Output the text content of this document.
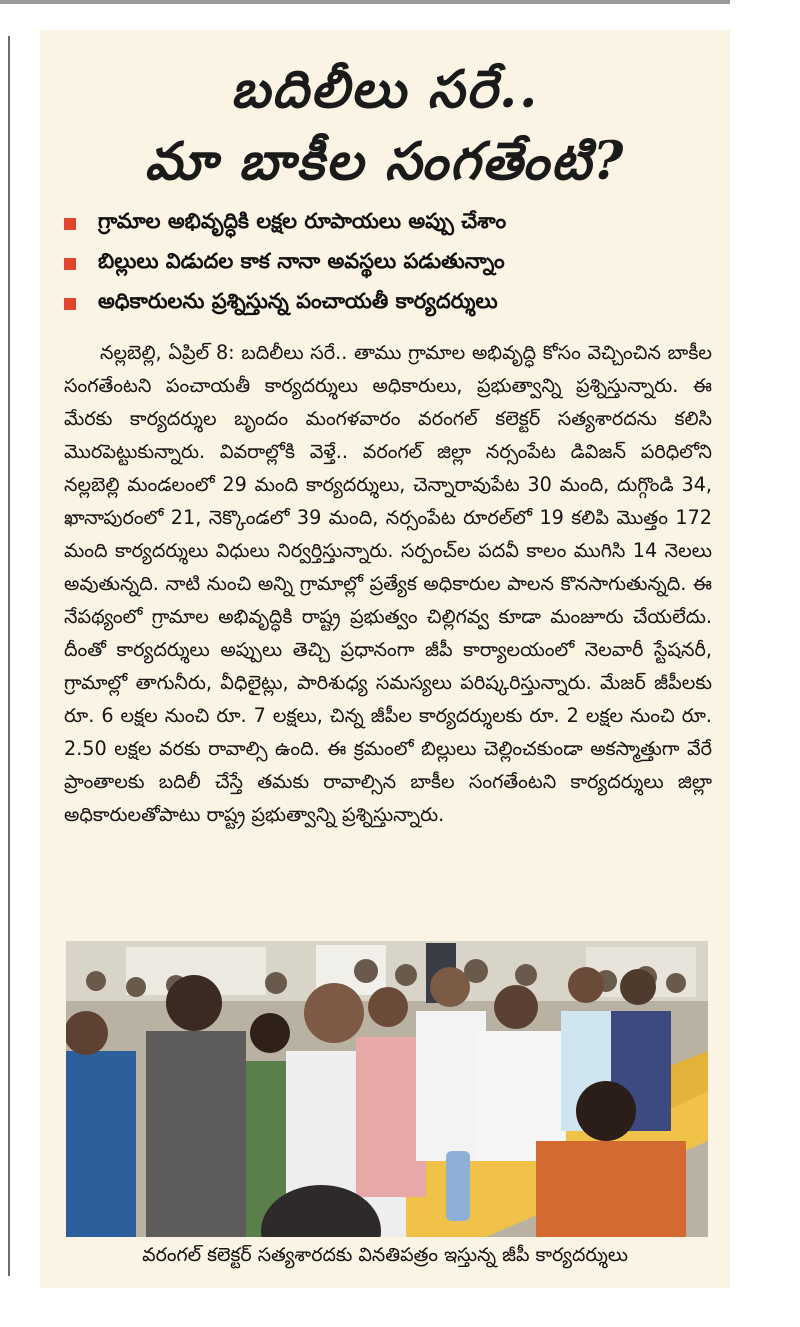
బదిలీలు సరే..
మా బాకీల సంగతేంటి?
గ్రామాల అభివృద్ధికి లక్షల రూపాయలు అప్పు చేశాం
బిల్లులు విడుదల కాక నానా అవస్థలు పడుతున్నాం
అధికారులను ప్రశ్నిస్తున్న పంచాయతీ కార్యదర్శులు
నల్లబెల్లి, ఏప్రిల్ 8: బదిలీలు సరే.. తాము గ్రామాల అభివృద్ధి కోసం వెచ్చించిన బాకీల సంగతేంటని పంచాయతీ కార్యదర్శులు అధికారులు, ప్రభుత్వాన్ని ప్రశ్నిస్తున్నారు. ఈ మేరకు కార్యదర్శుల బృందం మంగళవారం వరంగల్ కలెక్టర్ సత్యశారదను కలిసి మొరపెట్టుకున్నారు. వివరాల్లోకి వెళ్తే.. వరంగల్ జిల్లా నర్సంపేట డివిజన్ పరిధిలోని నల్లబెల్లి మండలంలో 29 మంది కార్యదర్శులు, చెన్నారావుపేట 30 మంది, దుగ్గొండి 34, ఖానాపురంలో 21, నెక్కొండలో 39 మంది, నర్సంపేట రూరల్‌లో 19 కలిపి మొత్తం 172 మంది కార్యదర్శులు విధులు నిర్వర్తిస్తున్నారు. సర్పంచ్‌ల పదవీ కాలం ముగిసి 14 నెలలు అవుతున్నది. నాటి నుంచి అన్ని గ్రామాల్లో ప్రత్యేక అధికారుల పాలన కొనసాగుతున్నది. ఈ నేపథ్యంలో గ్రామాల అభివృద్ధికి రాష్ట్ర ప్రభుత్వం చిల్లిగవ్వ కూడా మంజూరు చేయలేదు. దీంతో కార్యదర్శులు అప్పులు తెచ్చి ప్రధానంగా జీపీ కార్యాలయంలో నెలవారీ స్టేషనరీ, గ్రామాల్లో తాగునీరు, వీధిలైట్లు, పారిశుధ్య సమస్యలు పరిష్కరిస్తున్నారు. మేజర్ జీపీలకు రూ. 6 లక్షల నుంచి రూ. 7 లక్షలు, చిన్న జీపీల కార్యదర్శులకు రూ. 2 లక్షల నుంచి రూ. 2.50 లక్షల వరకు రావాల్సి ఉంది. ఈ క్రమంలో బిల్లులు చెల్లించకుండా అకస్మాత్తుగా వేరే ప్రాంతాలకు బదిలీ చేస్తే తమకు రావాల్సిన బాకీల సంగతేంటని కార్యదర్శులు జిల్లా అధికారులతోపాటు రాష్ట్ర ప్రభుత్వాన్ని ప్రశ్నిస్తున్నారు.
వరంగల్ కలెక్టర్ సత్యశారదకు వినతిపత్రం ఇస్తున్న జీపీ కార్యదర్శులు
